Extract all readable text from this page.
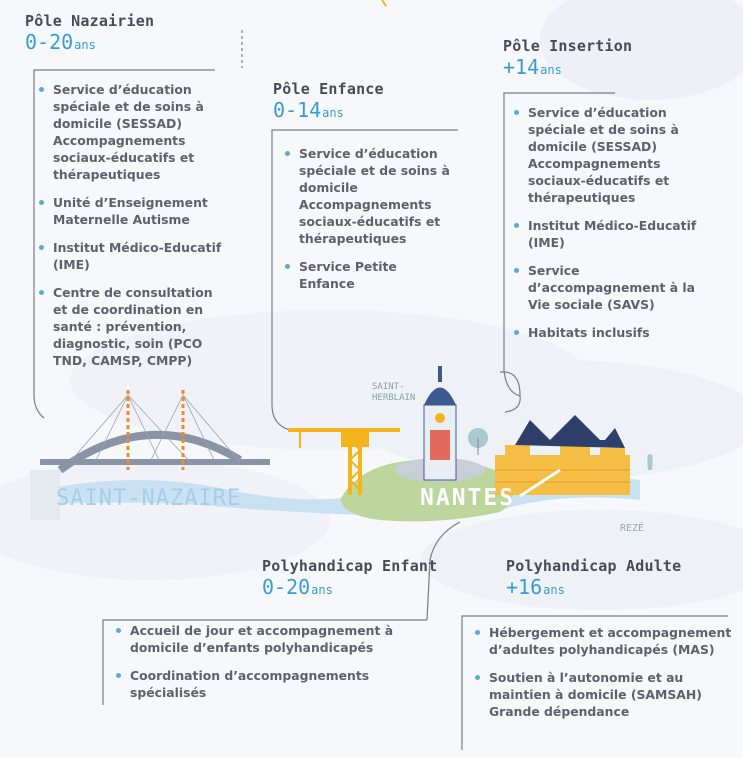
SAINT-NAZAIRE	NANTES
SAINT-
HERBLAIN
REZÉ
Pôle Nazairien
0-20ans
Service d’éducation spéciale et de soins à domicile (SESSAD)
Accompagnements sociaux-éducatifs et thérapeutiques
Unité d’Enseignement Maternelle Autisme
Institut Médico-Educatif (IME)
Centre de consultation et de coordination en santé : prévention, diagnostic, soin (PCO TND, CAMSP, CMPP)
Pôle Enfance
0-14ans
Service d’éducation spéciale et de soins à domicile
Accompagnements sociaux-éducatifs et thérapeutiques
Service Petite Enfance
Pôle Insertion
+14ans
Service d’éducation spéciale et de soins à domicile (SESSAD)
Accompagnements sociaux-éducatifs et thérapeutiques
Institut Médico-Educatif (IME)
Service d’accompagnement à la Vie sociale (SAVS)
Habitats inclusifs
Polyhandicap Enfant
0-20ans
Accueil de jour et accompagnement à domicile d’enfants polyhandicapés
Coordination d’accompagnements spécialisés
Polyhandicap Adulte
+16ans
Hébergement et accompagnement d’adultes polyhandicapés (MAS)
Soutien à l’autonomie et au maintien à domicile (SAMSAH)
Grande dépendance
